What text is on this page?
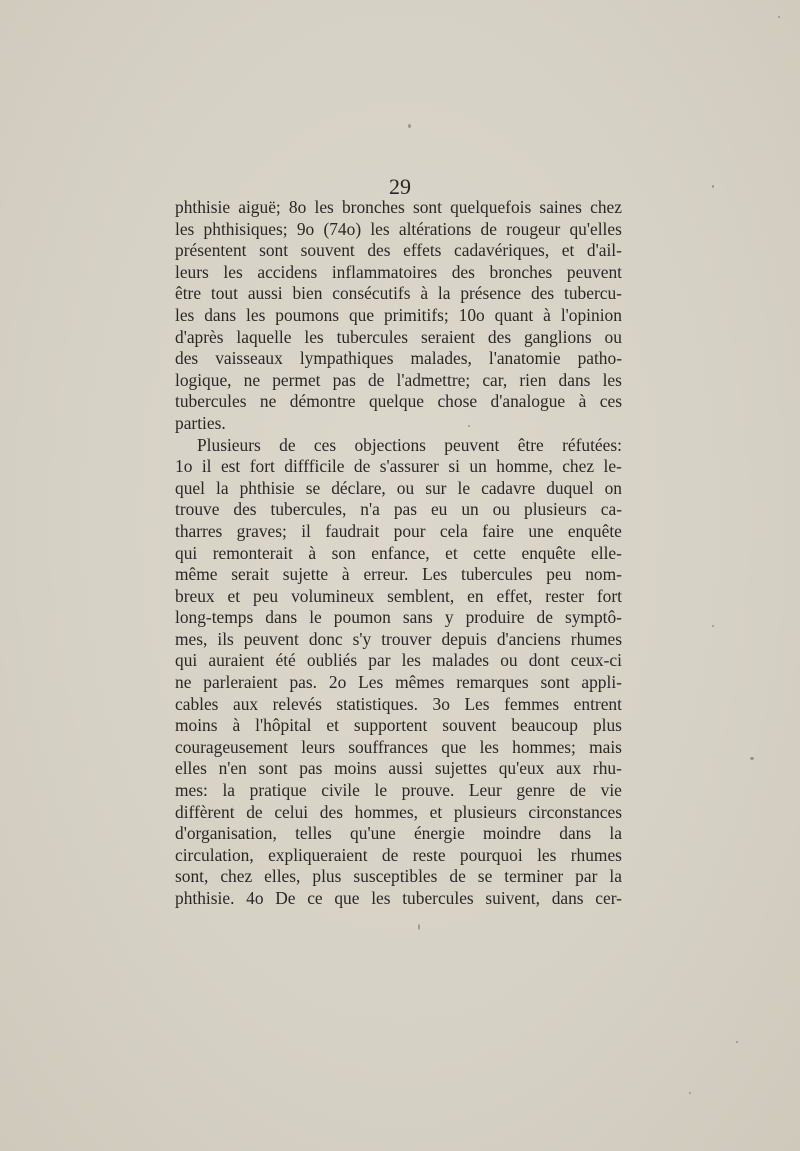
29
phthisie aiguë; 8o les bronches sont quelquefois saines chez
les phthisiques; 9o (74o) les altérations de rougeur qu'elles
présentent sont souvent des effets cadavériques, et d'ail-
leurs les accidens inflammatoires des bronches peuvent
être tout aussi bien consécutifs à la présence des tubercu-
les dans les poumons que primitifs; 10o quant à l'opinion
d'après laquelle les tubercules seraient des ganglions ou
des vaisseaux lympathiques malades, l'anatomie patho-
logique, ne permet pas de l'admettre; car, rien dans les
tubercules ne démontre quelque chose d'analogue à ces
parties.
Plusieurs de ces objections peuvent être réfutées:
1o il est fort diffficile de s'assurer si un homme, chez le-
quel la phthisie se déclare, ou sur le cadavre duquel on
trouve des tubercules, n'a pas eu un ou plusieurs ca-
tharres graves; il faudrait pour cela faire une enquête
qui remonterait à son enfance, et cette enquête elle-
même serait sujette à erreur. Les tubercules peu nom-
breux et peu volumineux semblent, en effet, rester fort
long-temps dans le poumon sans y produire de symptô-
mes, ils peuvent donc s'y trouver depuis d'anciens rhumes
qui auraient été oubliés par les malades ou dont ceux-ci
ne parleraient pas. 2o Les mêmes remarques sont appli-
cables aux relevés statistiques. 3o Les femmes entrent
moins à l'hôpital et supportent souvent beaucoup plus
courageusement leurs souffrances que les hommes; mais
elles n'en sont pas moins aussi sujettes qu'eux aux rhu-
mes: la pratique civile le prouve. Leur genre de vie
diffèrent de celui des hommes, et plusieurs circonstances
d'organisation, telles qu'une énergie moindre dans la
circulation, expliqueraient de reste pourquoi les rhumes
sont, chez elles, plus susceptibles de se terminer par la
phthisie. 4o De ce que les tubercules suivent, dans cer-
